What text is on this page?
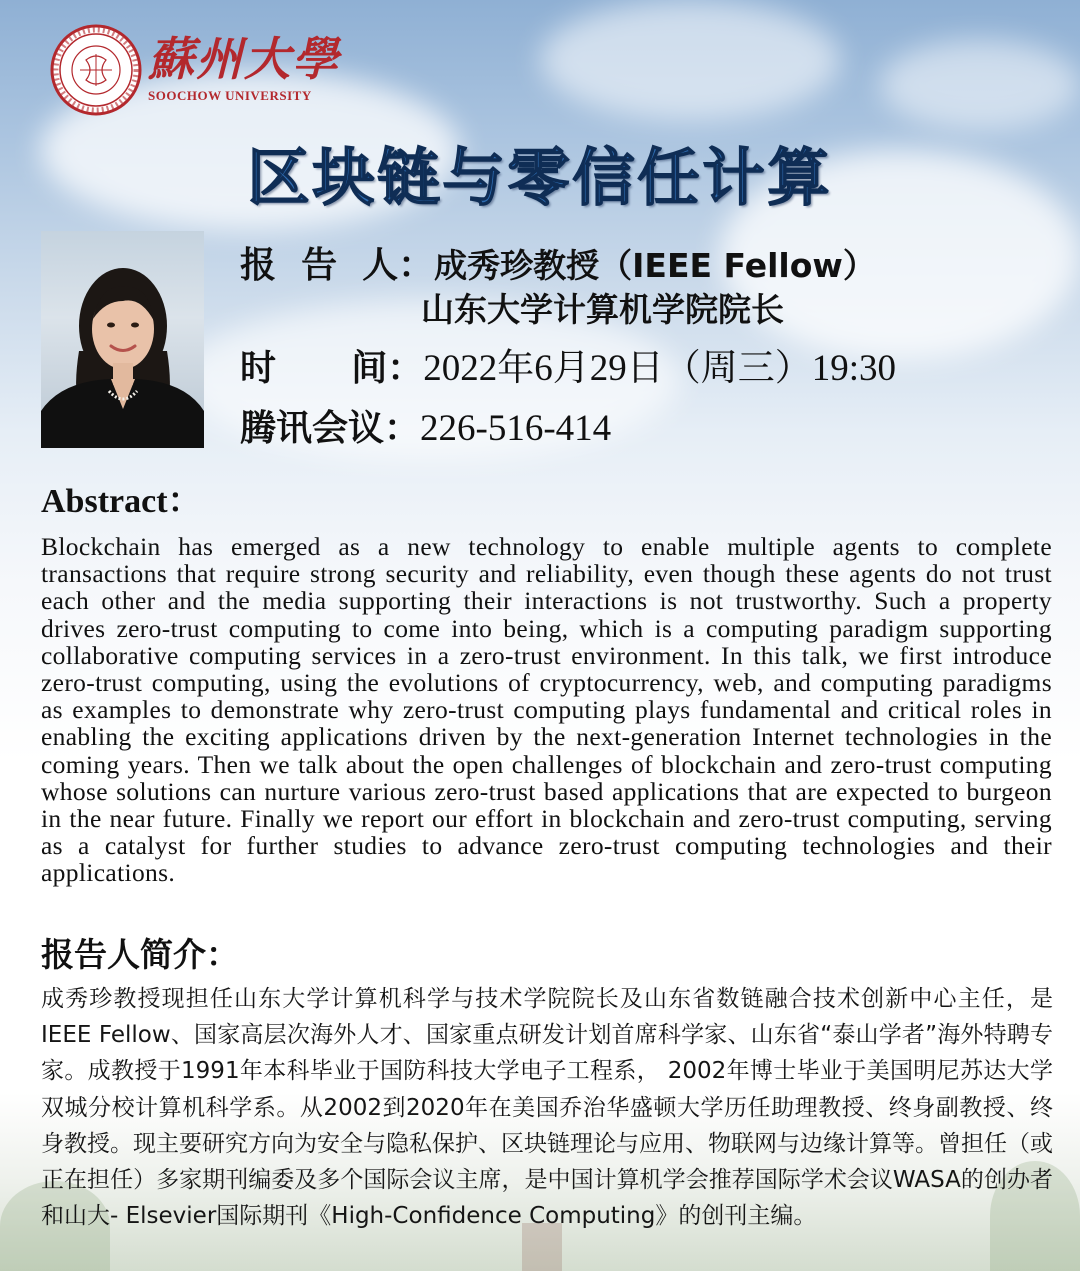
蘇州大學
SOOCHOW UNIVERSITY
区块链与零信任计算
报  告  人：成秀珍教授（IEEE Fellow）
山东大学计算机学院院长
时      间：2022年6月29日（周三）19:30
腾讯会议：226-516-414
Abstract：

Blockchain has emerged as a new technology to enable multiple agents to complete transactions that require strong security and reliability, even though these agents do not trust each other and the media supporting their interactions is not trustworthy. Such a property drives zero-trust computing to come into being, which is a computing paradigm supporting collaborative computing services in a zero-trust environment. In this talk, we first introduce zero-trust computing, using the evolutions of cryptocurrency, web, and computing paradigms as examples to demonstrate why zero-trust computing plays fundamental and critical roles in enabling the exciting applications driven by the next-generation Internet technologies in the coming years. Then we talk about the open challenges of blockchain and zero-trust computing whose solutions can nurture various zero-trust based applications that are expected to burgeon in the near future. Finally we report our effort in blockchain and zero-trust computing, serving as a catalyst for further studies to advance zero-trust computing technologies and their applications.

报告人简介：

成秀珍教授现担任山东大学计算机科学与技术学院院长及山东省数链融合技术创新中心主任，是IEEE Fellow、国家高层次海外人才、国家重点研发计划首席科学家、山东省“泰山学者”海外特聘专家。成教授于1991年本科毕业于国防科技大学电子工程系， 2002年博士毕业于美国明尼苏达大学双城分校计算机科学系。从2002到2020年在美国乔治华盛顿大学历任助理教授、终身副教授、终身教授。现主要研究方向为安全与隐私保护、区块链理论与应用、物联网与边缘计算等。曾担任（或正在担任）多家期刊编委及多个国际会议主席，是中国计算机学会推荐国际学术会议WASA的创办者和山大- Elsevier国际期刊《High-Confidence Computing》的创刊主编。
